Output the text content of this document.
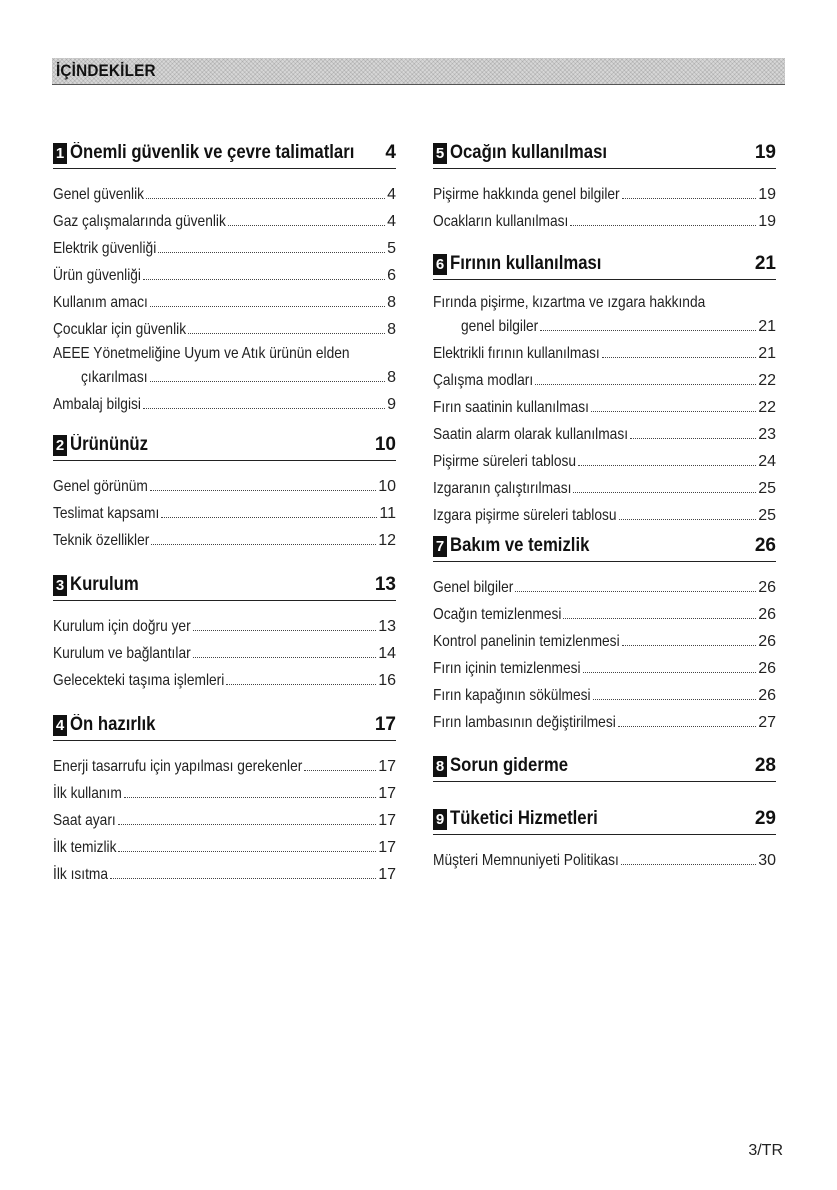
İÇİNDEKİLER
1 Önemli güvenlik ve çevre talimatları 4
Genel güvenlik	4
Gaz çalışmalarında güvenlik	4
Elektrik güvenliği	5
Ürün güvenliği	6
Kullanım amacı	8
Çocuklar için güvenlik	8
AEEE Yönetmeliğine Uyum ve Atık ürünün elden
çıkarılması	8
Ambalaj bilgisi	9
2 Ürününüz	10
Genel görünüm	10
Teslimat kapsamı	11
Teknik özellikler	12
3 Kurulum	13
Kurulum için doğru yer	13
Kurulum ve bağlantılar	14
Gelecekteki taşıma işlemleri	16
4 Ön hazırlık	17
Enerji tasarrufu için yapılması gerekenler	17
İlk kullanım	17
Saat ayarı	17
İlk temizlik	17
İlk ısıtma	17
5 Ocağın kullanılması	19
Pişirme hakkında genel bilgiler	19
Ocakların kullanılması	19
6 Fırının kullanılması	21
Fırında pişirme, kızartma ve ızgara hakkında
genel bilgiler	21
Elektrikli fırının kullanılması	21
Çalışma modları	22
Fırın saatinin kullanılması	22
Saatin alarm olarak kullanılması	23
Pişirme süreleri tablosu	24
Izgaranın çalıştırılması	25
Izgara pişirme süreleri tablosu	25
7 Bakım ve temizlik	26
Genel bilgiler	26
Ocağın temizlenmesi	26
Kontrol panelinin temizlenmesi	26
Fırın içinin temizlenmesi	26
Fırın kapağının sökülmesi	26
Fırın lambasının değiştirilmesi	27
8 Sorun giderme	28
9 Tüketici Hizmetleri	29
Müşteri Memnuniyeti Politikası	30
3/TR
